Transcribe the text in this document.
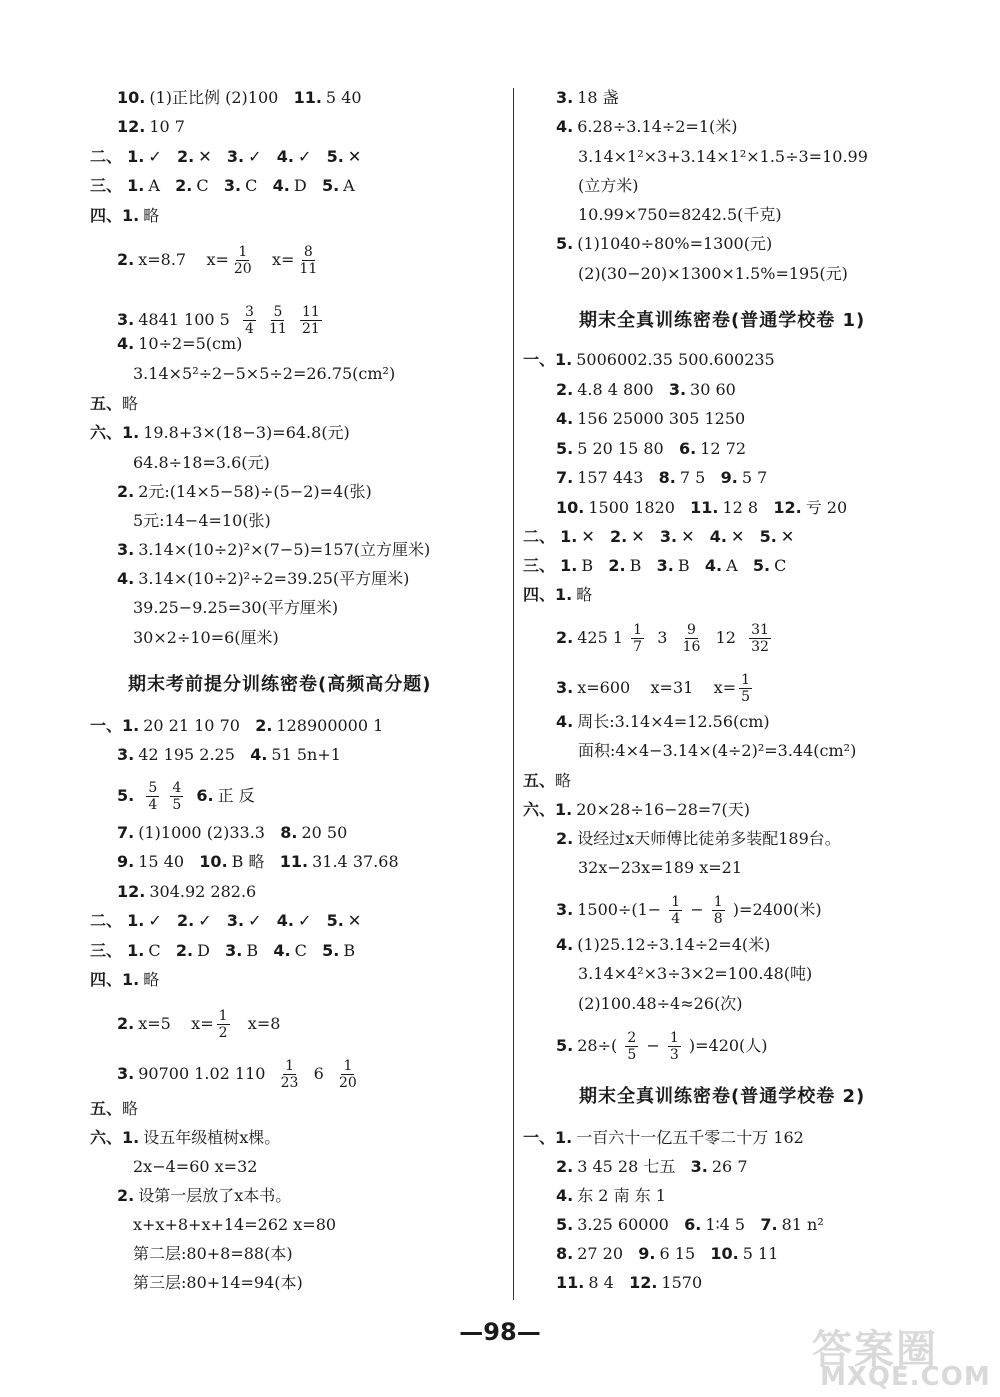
10. (1)正比例 (2)100 11. 5 40
12. 10 7
二、 1. ✓ 2. ✕ 3. ✓ 4. ✓ 5. ✕
三、 1. A 2. C 3. C 4. D 5. A
四、1. 略
2. x=8.7 $x= \frac{1}{20} x= \frac{8}{11}$
3. 4841 100 $5 \frac{3}{4}$
$\frac{5}{11}$
$\frac{11}{21}$
4. 10÷2=5(cm)
3.14×5²÷2−5×5÷2=26.75(cm²)
五、略
六、1. 19.8+3×(18−3)=64.8(元)
64.8÷18=3.6(元)
2. 2元:(14×5−58)÷(5−2)=4(张)
5元:14−4=10(张)
3. 3.14×(10÷2)²×(7−5)=157(立方厘米)
4. 3.14×(10÷2)²÷2=39.25(平方厘米)
39.25−9.25=30(平方厘米)
30×2÷10=6(厘米)
期末考前提分训练密卷(高频高分题)
一、1. 20 21 10 70 2. 128900000 1
3. 42 195 2.25 4. 51 5n+1
5. $\frac{5}{4}$
$\frac{4}{5} 6$. 正 反
7. (1)1000 (2)33.3 8. 20 50
9. 15 40 10. B 略 11. 31.4 37.68
12. 304.92 282.6
二、 1. ✓ 2. ✓ 3. ✓ 4. ✓ 5. ✕
三、 1. C 2. D 3. B 4. C 5. B
四、1. 略
2. x=5 $x= \frac{1}{2} x=8$
3. 90700 1.02 $110 \frac{1}{23} 6 \frac{1}{20}$
五、略
六、1. 设五年级植树x棵。
2x−4=60 x=32
2. 设第一层放了x本书。
x+x+8+x+14=262 x=80
第二层:80+8=88(本)
第三层:80+14=94(本)
3. 18 盏
4. 6.28÷3.14÷2=1(米)
3.14×1²×3+3.14×1²×1.5÷3=10.99
(立方米)
10.99×750=8242.5(千克)
5. (1)1040÷80%=1300(元)
(2)(30−20)×1300×1.5%=195(元)
期末全真训练密卷(普通学校卷 1)
一、1. 5006002.35 500.600235
2. 4.8 4 800 3. 30 60
4. 156 25000 305 1250
5. 5 20 15 80 6. 12 72
7. 157 443 8. 7 5 9. 5 7
10. 1500 1820 11. 12 8 12. 亏 20
二、 1. ✕ 2. ✕ 3. ✕ 4. ✕ 5. ✕
三、 1. B 2. B 3. B 4. A 5. C
四、1. 略
2. 425 $1 \frac{1}{7} 3 \frac{9}{16} 12 \frac{31}{32}$
3. x=600 x=31 $x= \frac{1}{5}$
4. 周长:3.14×4=12.56(cm)
面积:4×4−3.14×(4÷2)²=3.44(cm²)
五、略
六、1. 20×28÷16−28=7(天)
2. 设经过x天师傅比徒弟多装配189台。
32x−23x=189 x=21
3. $1500\div(1- \frac{1}{4} - \frac{1}{8} )=2400$(米)
4. (1)25.12÷3.14÷2=4(米)
3.14×4²×3÷3×2=100.48(吨)
(2)100.48÷4≈26(次)
5. $28\div( \frac{2}{5} - \frac{1}{3} )=420$(人)
期末全真训练密卷(普通学校卷 2)
一、1. 一百六十一亿五千零二十万 162
2. 3 45 28 七五 3. 26 7
4. 东 2 南 东 1
5. 3.25 60000 6. 1∶4 5 7. 81 n²
8. 27 20 9. 6 15 10. 5 11
11. 8 4 12. 1570
—98—	答案圈
MXQE.COM
